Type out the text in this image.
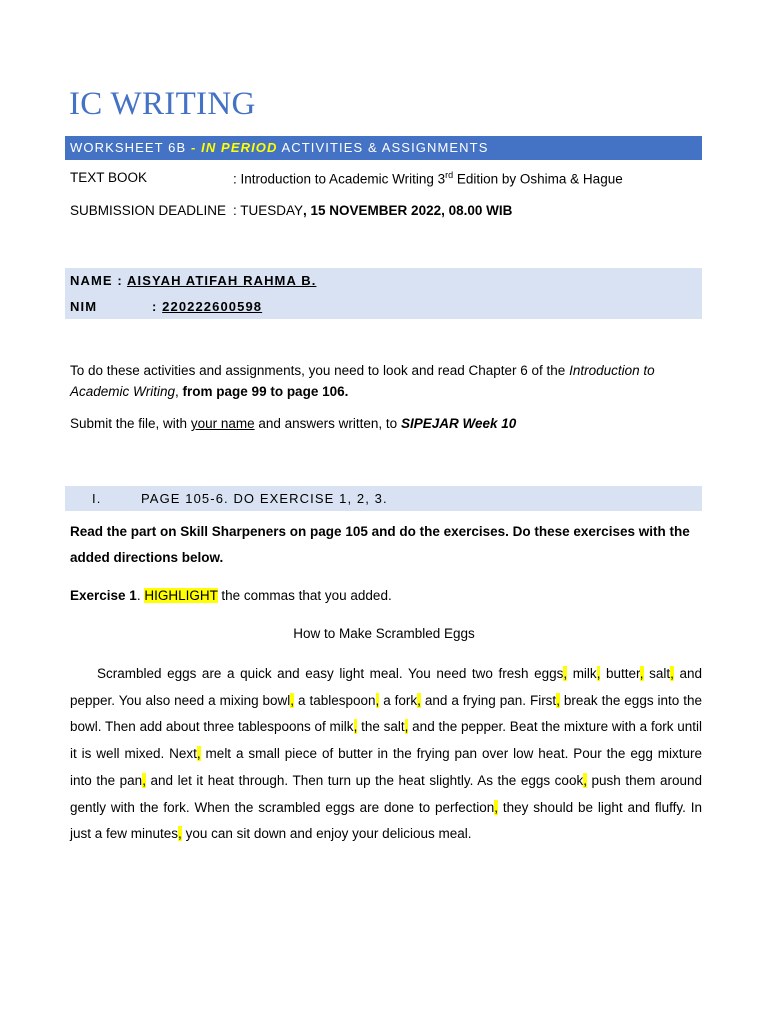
IC WRITING
WORKSHEET 6B - IN PERIOD ACTIVITIES & ASSIGNMENTS
TEXT BOOK	: Introduction to Academic Writing 3rd Edition by Oshima & Hague
SUBMISSION DEADLINE : TUESDAY, 15 NOVEMBER 2022, 08.00 WIB
NAME : AISYAH ATIFAH RAHMA B.
NIM	: 220222600598
To do these activities and assignments, you need to look and read Chapter 6 of the Introduction to Academic Writing, from page 99 to page 106.
Submit the file, with your name and answers written, to SIPEJAR Week 10
I.	PAGE 105-6. DO EXERCISE 1, 2, 3.
Read the part on Skill Sharpeners on page 105 and do the exercises. Do these exercises with the added directions below.
Exercise 1. HIGHLIGHT the commas that you added.
How to Make Scrambled Eggs
Scrambled eggs are a quick and easy light meal. You need two fresh eggs, milk, butter, salt, and pepper. You also need a mixing bowl, a tablespoon, a fork, and a frying pan. First, break the eggs into the bowl. Then add about three tablespoons of milk, the salt, and the pepper. Beat the mixture with a fork until it is well mixed. Next, melt a small piece of butter in the frying pan over low heat. Pour the egg mixture into the pan, and let it heat through. Then turn up the heat slightly. As the eggs cook, push them around gently with the fork. When the scrambled eggs are done to perfection, they should be light and fluffy. In just a few minutes, you can sit down and enjoy your delicious meal.
